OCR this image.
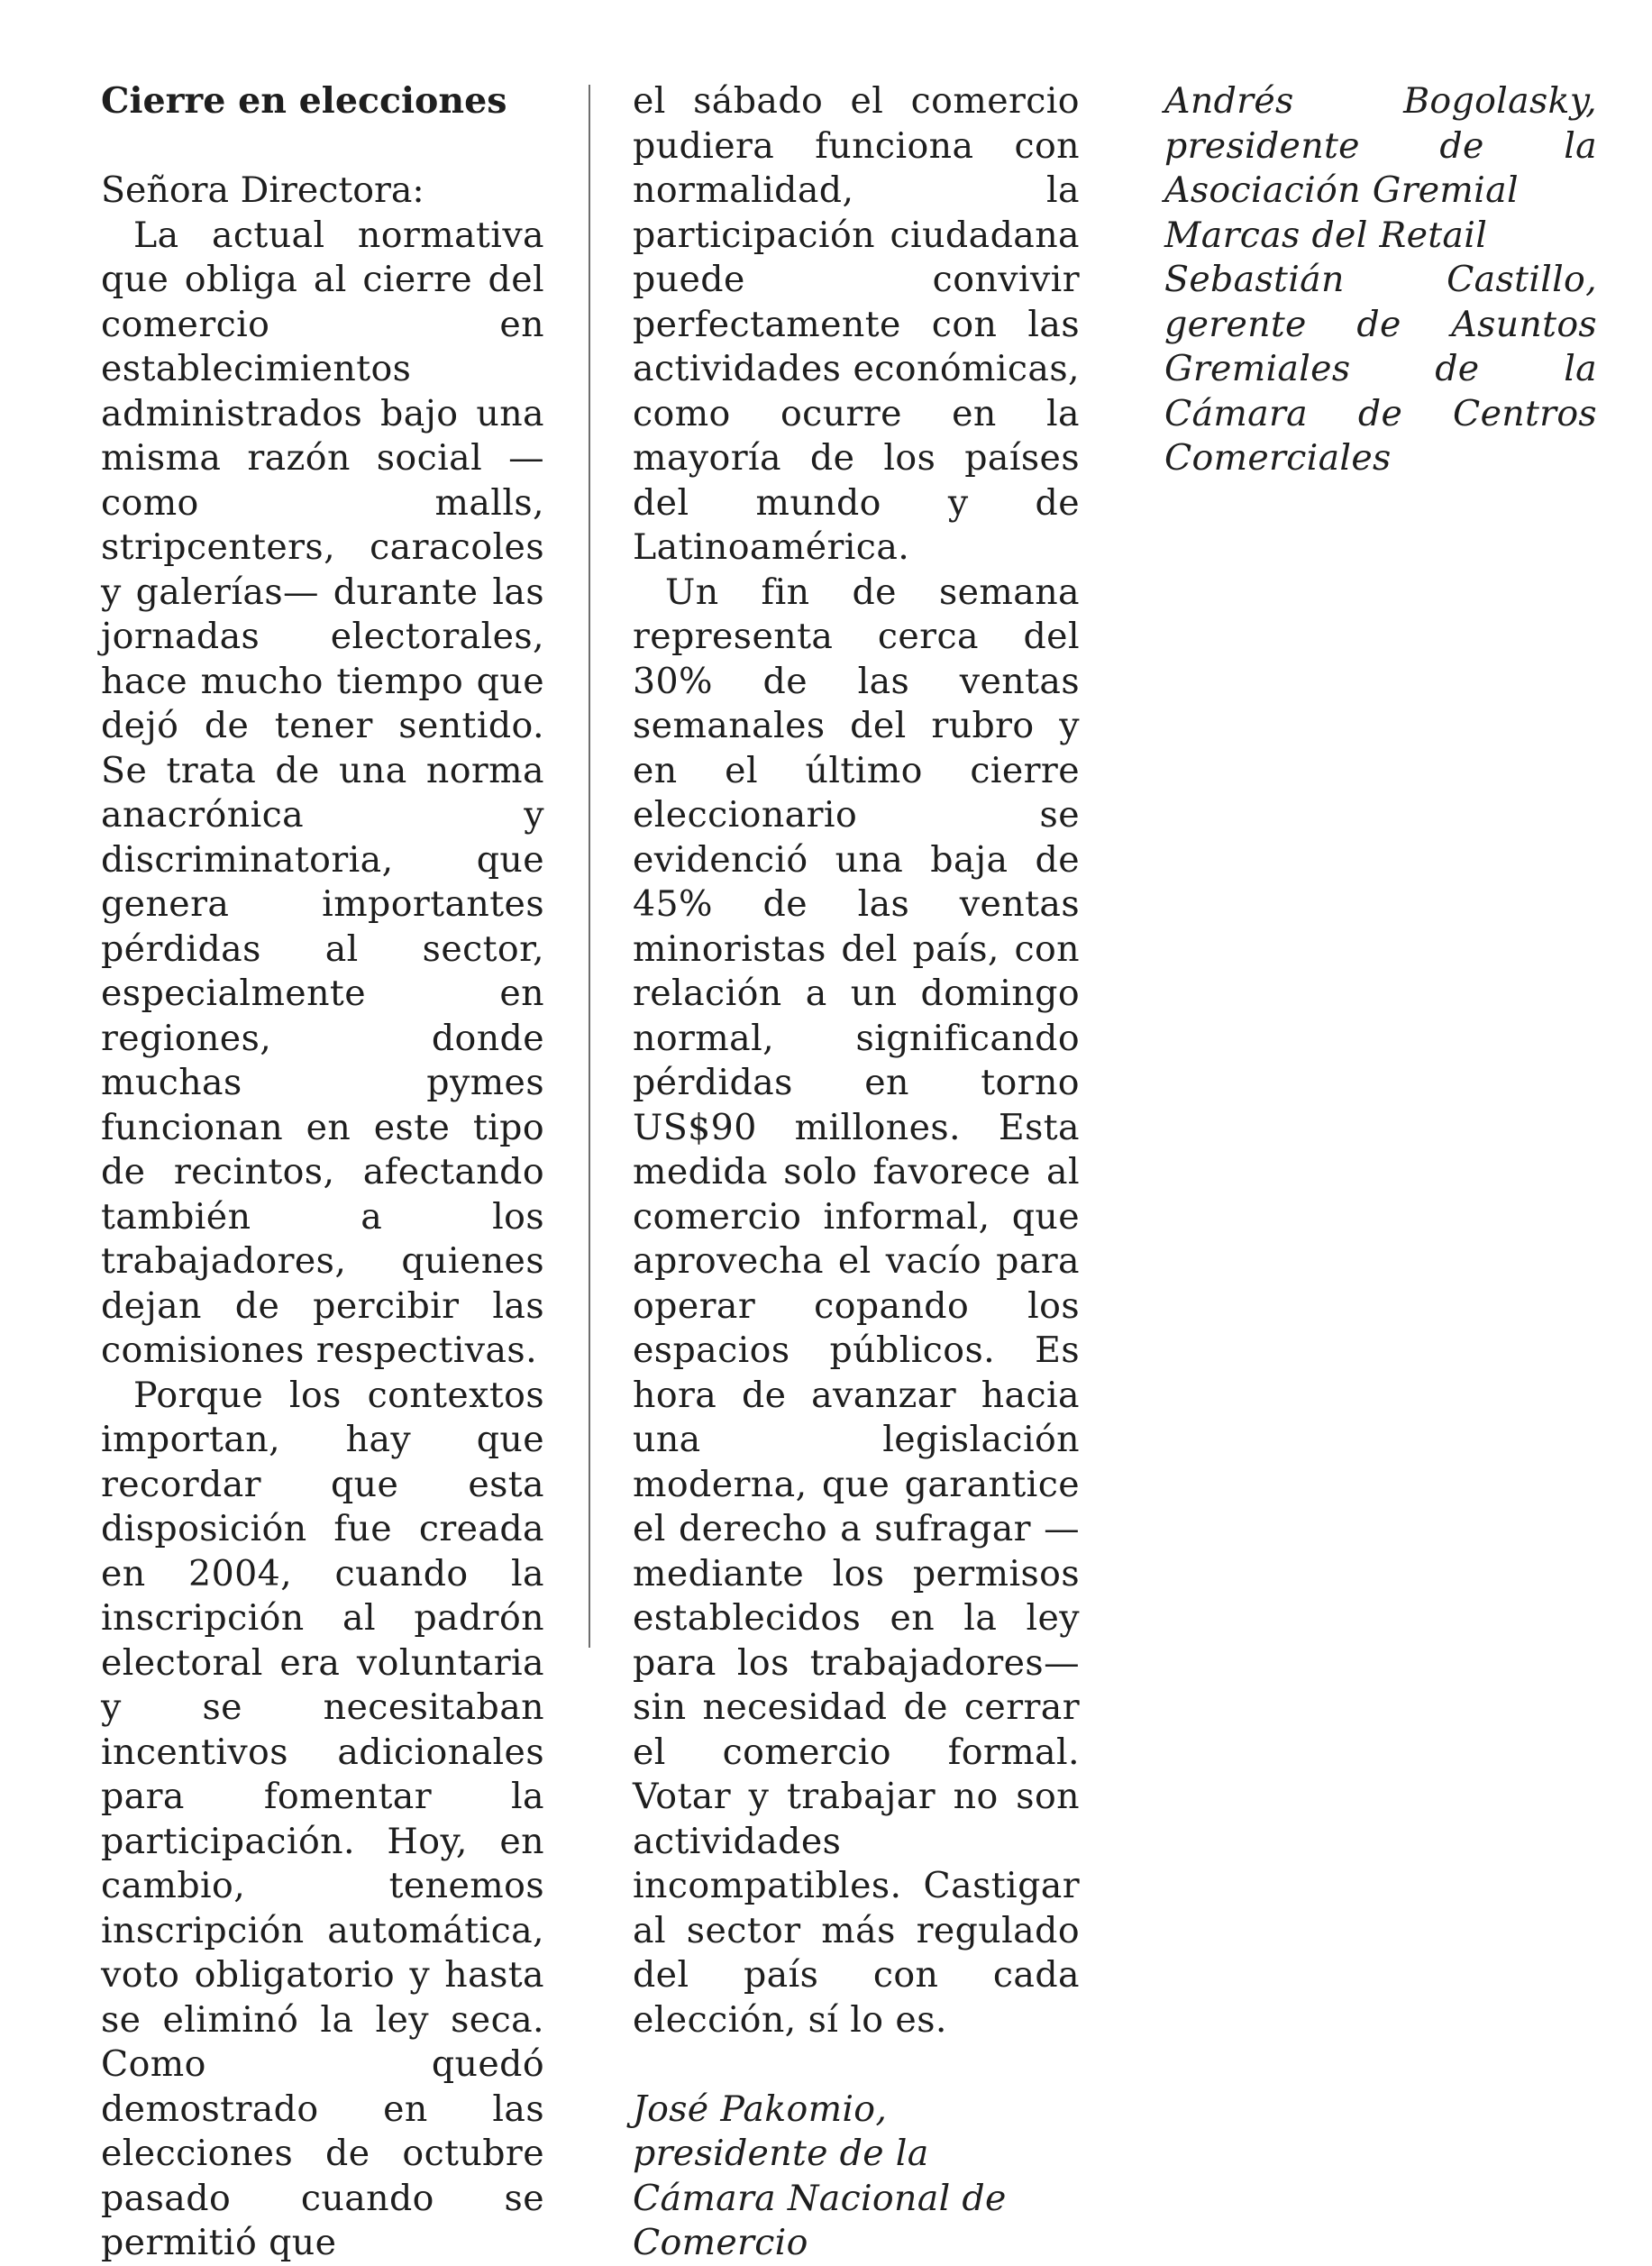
Cierre en elecciones
Señora Directora:

La actual normativa que obliga al cierre del comercio en establecimientos administrados bajo una misma razón social —como malls, stripcenters, caracoles y galerías— durante las jornadas electorales, hace mucho tiempo que dejó de tener sentido. Se trata de una norma anacrónica y discriminatoria, que genera importantes pérdidas al sector, especialmente en regiones, donde muchas pymes funcionan en este tipo de recintos, afectando también a los trabajadores, quienes dejan de percibir las comisiones respectivas.

Porque los contextos importan, hay que recordar que esta disposición fue creada en 2004, cuando la inscripción al padrón electoral era voluntaria y se necesitaban incentivos adicionales para fomentar la participación. Hoy, en cambio, tenemos inscripción automática, voto obligatorio y hasta se eliminó la ley seca. Como quedó demostrado en las elecciones de octubre pasado cuando se permitió que

el sábado el comercio pudiera funciona con normalidad, la participación ciudadana puede convivir perfectamente con las actividades económicas, como ocurre en la mayoría de los países del mundo y de Latinoamérica.

Un fin de semana representa cerca del 30% de las ventas semanales del rubro y en el último cierre eleccionario se evidenció una baja de 45% de las ventas minoristas del país, con relación a un domingo normal, significando pérdidas en torno US$90 millones. Esta medida solo favorece al comercio informal, que aprovecha el vacío para operar copando los espacios públicos. Es hora de avanzar hacia una legislación moderna, que garantice el derecho a sufragar —mediante los permisos establecidos en la ley para los trabajadores— sin necesidad de cerrar el comercio formal. Votar y trabajar no son actividades incompatibles. Castigar al sector más regulado del país con cada elección, sí lo es.

José Pakomio, presidente de la
Cámara Nacional de Comercio
Andrés Bogolasky, presidente de la Asociación Gremial
Marcas del Retail
Sebastián Castillo, gerente de Asuntos Gremiales de la Cámara de Centros Comerciales
